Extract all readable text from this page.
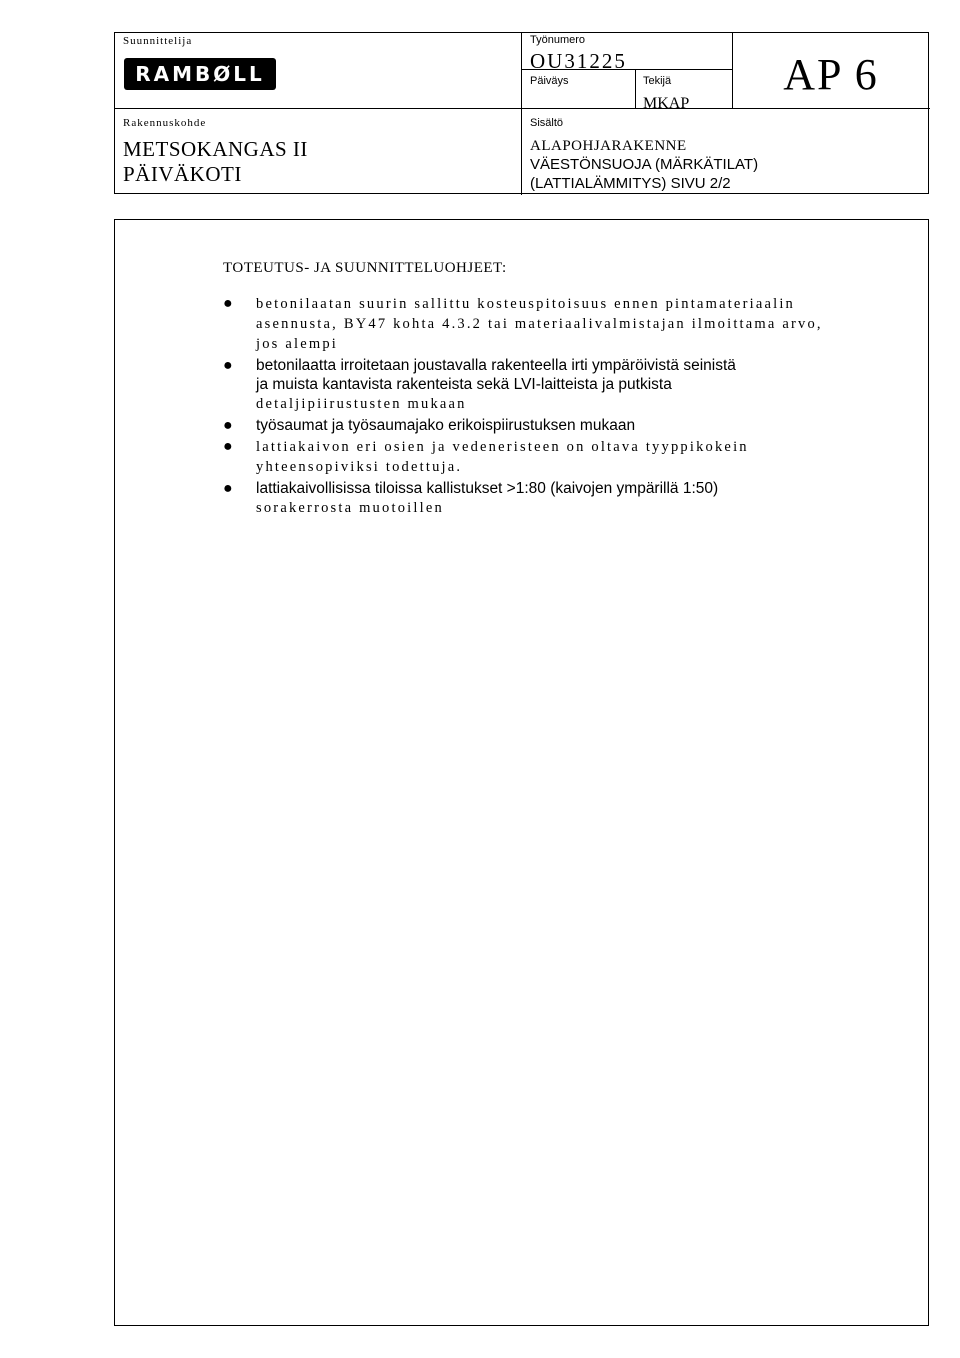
Suunnittelija
RAMBØLL
Rakennuskohde
METSOKANGAS II
PÄIVÄKOTI
Työnumero
OU31225
Päiväys	Tekijä
MKAP
Sisältö
ALAPOHJARAKENNE
VÄESTÖNSUOJA (MÄRKÄTILAT)
(LATTIALÄMMITYS) SIVU 2/2
AP 6
TOTEUTUS- JA SUUNNITTELUOHJEET:
● betonilaatan suurin sallittu kosteuspitoisuus ennen pintamateriaalin
asennusta, BY47 kohta 4.3.2 tai materiaalivalmistajan ilmoittama arvo,
jos alempi
● betonilaatta irroitetaan joustavalla rakenteella irti ympäröivistä seinistä
ja muista kantavista rakenteista sekä LVI-laitteista ja putkista
detaljipiirustusten mukaan
● työsaumat ja työsaumajako erikoispiirustuksen mukaan
● lattiakaivon eri osien ja vedeneristeen on oltava tyyppikokein
yhteensopiviksi todettuja.
● lattiakaivollisissa tiloissa kallistukset >1:80 (kaivojen ympärillä 1:50)
sorakerrosta muotoillen
